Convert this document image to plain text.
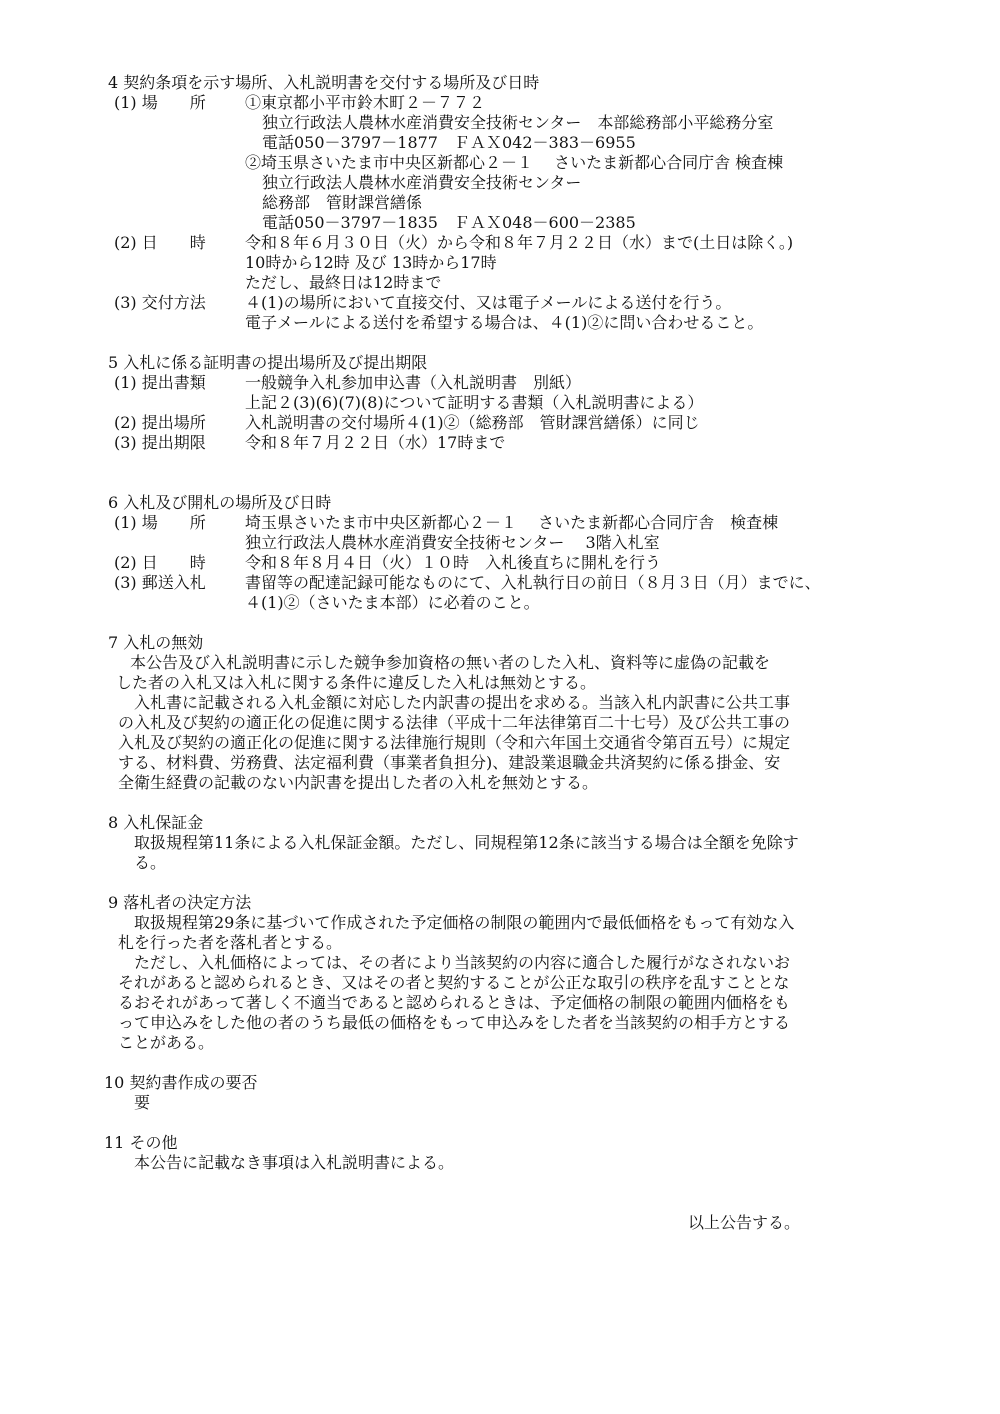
4 契約条項を示す場所、入札説明書を交付する場所及び日時
(1) 場　　所 ①東京都小平市鈴木町２－７７２
独立行政法人農林水産消費安全技術センター　本部総務部小平総務分室
電話050－3797－1877　ＦＡＸ042－383－6955
②埼玉県さいたま市中央区新都心２－１　 さいたま新都心合同庁舎 検査棟
独立行政法人農林水産消費安全技術センター
総務部　管財課営繕係
電話050－3797－1835　ＦＡＸ048－600－2385
(2) 日　　時 令和８年６月３０日（火）から令和８年７月２２日（水）まで(土日は除く。)
10時から12時 及び 13時から17時
ただし、最終日は12時まで
(3) 交付方法 ４(1)の場所において直接交付、又は電子メールによる送付を行う。
電子メールによる送付を希望する場合は、４(1)②に問い合わせること。
5 入札に係る証明書の提出場所及び提出期限
(1) 提出書類 一般競争入札参加申込書（入札説明書　別紙）
上記２(3)(6)(7)(8)について証明する書類（入札説明書による）
(2) 提出場所 入札説明書の交付場所４(1)②（総務部　管財課営繕係）に同じ
(3) 提出期限 令和８年７月２２日（水）17時まで
6 入札及び開札の場所及び日時
(1) 場　　所 埼玉県さいたま市中央区新都心２－１　 さいたま新都心合同庁舎　検査棟
独立行政法人農林水産消費安全技術センター　 3階入札室
(2) 日　　時 令和８年８月４日（火）１０時　入札後直ちに開札を行う
(3) 郵送入札 書留等の配達記録可能なものにて、入札執行日の前日（８月３日（月）までに、
４(1)②（さいたま本部）に必着のこと。
7 入札の無効
本公告及び入札説明書に示した競争参加資格の無い者のした入札、資料等に虚偽の記載を
した者の入札又は入札に関する条件に違反した入札は無効とする。
入札書に記載される入札金額に対応した内訳書の提出を求める。当該入札内訳書に公共工事
の入札及び契約の適正化の促進に関する法律（平成十二年法律第百二十七号）及び公共工事の
入札及び契約の適正化の促進に関する法律施行規則（令和六年国土交通省令第百五号）に規定
する、材料費、労務費、法定福利費（事業者負担分)、建設業退職金共済契約に係る掛金、安
全衛生経費の記載のない内訳書を提出した者の入札を無効とする。
8 入札保証金
取扱規程第11条による入札保証金額。ただし、同規程第12条に該当する場合は全額を免除す
る。
9 落札者の決定方法
取扱規程第29条に基づいて作成された予定価格の制限の範囲内で最低価格をもって有効な入
札を行った者を落札者とする。
ただし、入札価格によっては、その者により当該契約の内容に適合した履行がなされないお
それがあると認められるとき、又はその者と契約することが公正な取引の秩序を乱すこととな
るおそれがあって著しく不適当であると認められるときは、予定価格の制限の範囲内価格をも
って申込みをした他の者のうち最低の価格をもって申込みをした者を当該契約の相手方とする
ことがある。
10 契約書作成の要否
要
11 その他
本公告に記載なき事項は入札説明書による。
以上公告する。
